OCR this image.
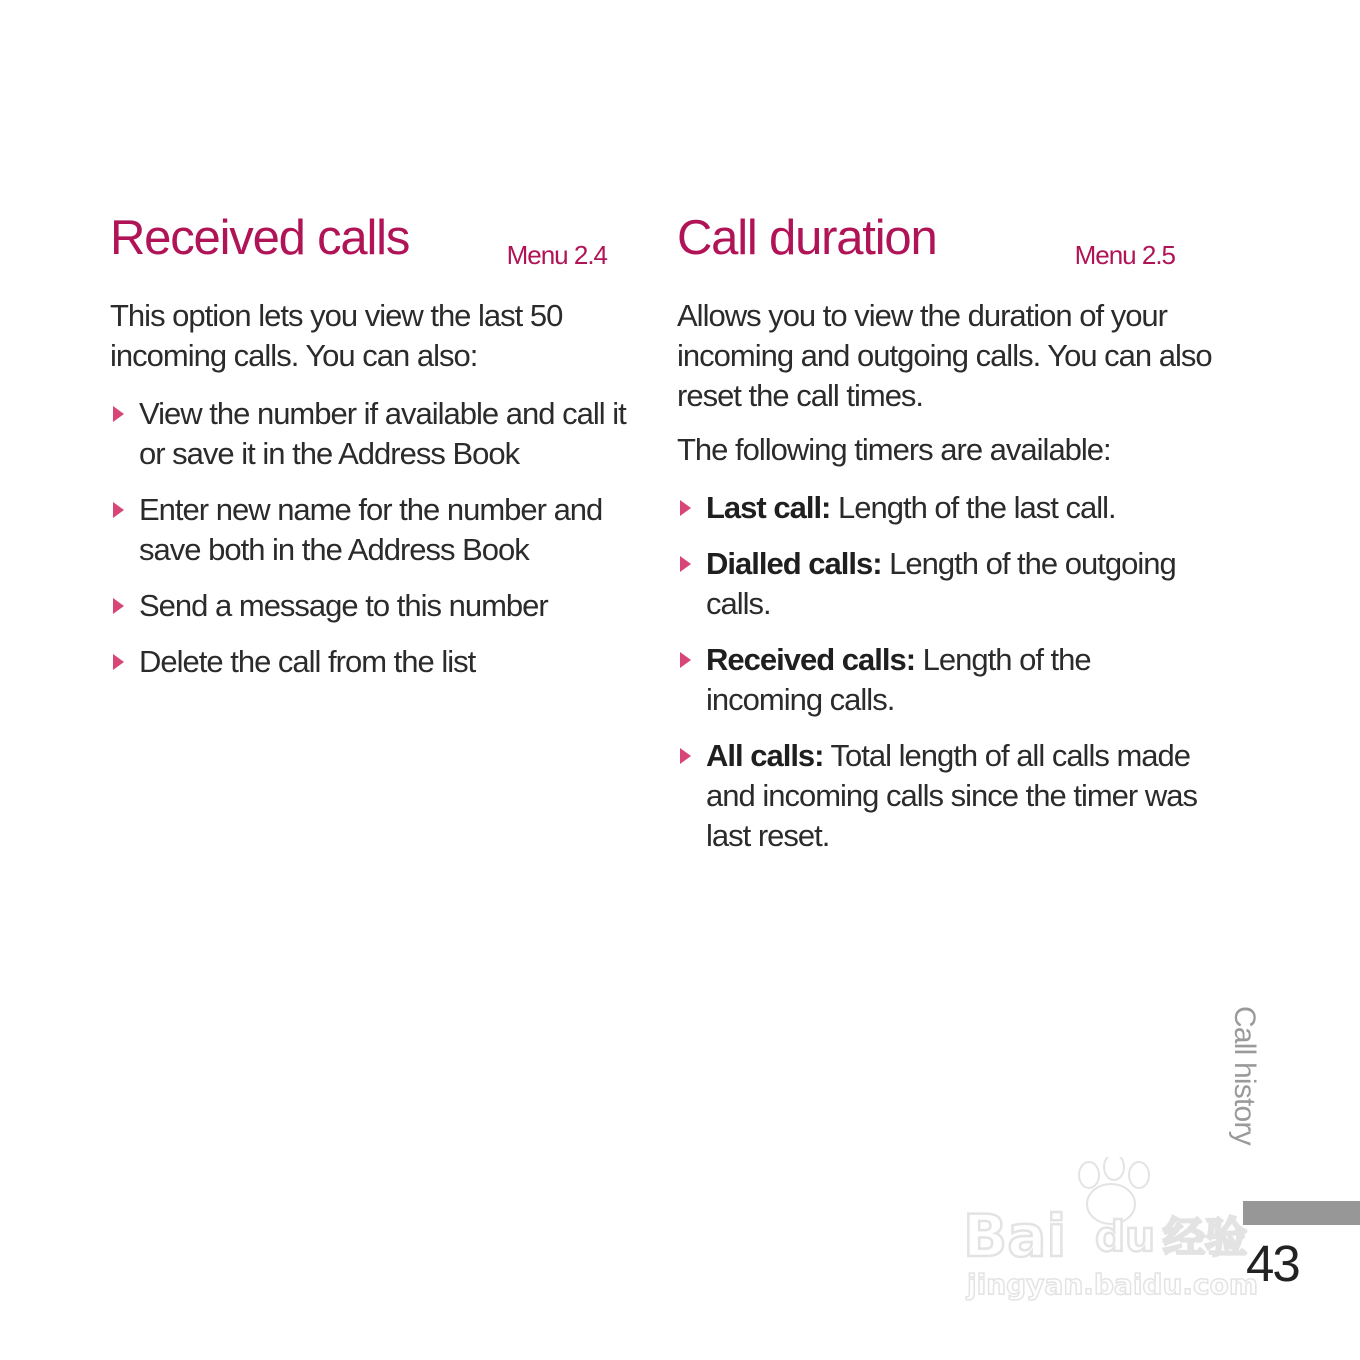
Received calls	Menu 2.4

This option lets you view the last 50
incoming calls. You can also:

View the number if available and call it
or save it in the Address Book
Enter new name for the number and
save both in the Address Book
Send a message to this number
Delete the call from the list
Call duration	Menu 2.5

Allows you to view the duration of your
incoming and outgoing calls. You can also
reset the call times.

The following timers are available:

Last call: Length of the last call.
Dialled calls: Length of the outgoing
calls.
Received calls: Length of the
incoming calls.
All calls: Total length of all calls made
and incoming calls since the timer was
last reset.
Call history
43
Bai du 经验
jingyan.baidu.com
